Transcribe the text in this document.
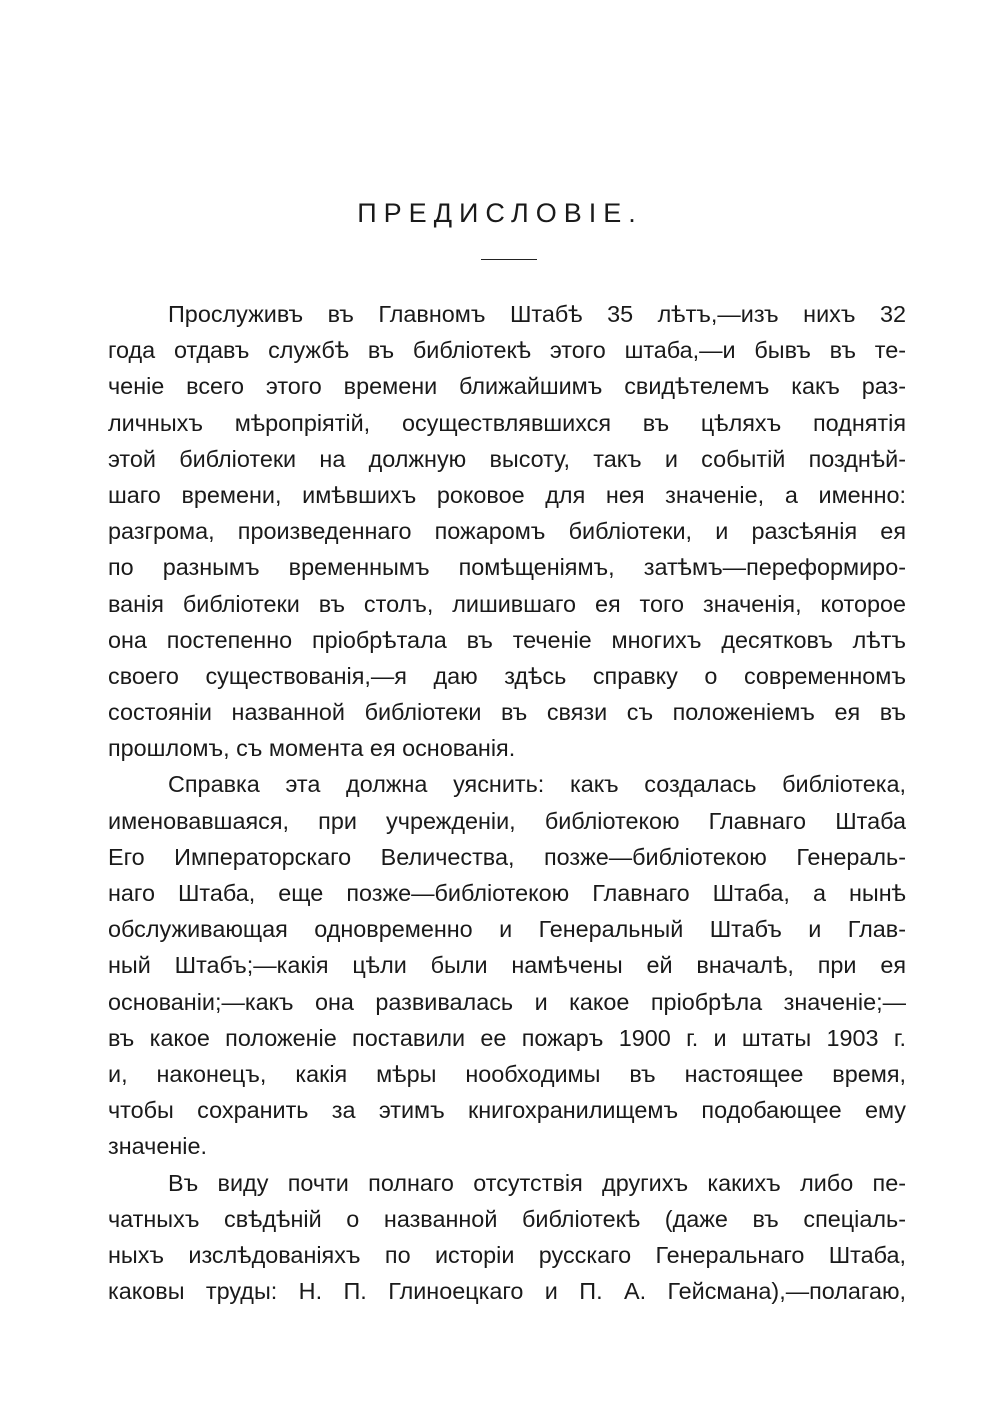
ПРЕДИСЛОВІЕ.
Прослуживъ въ Главномъ Штабѣ 35 лѣтъ,—изъ нихъ 32
года отдавъ службѣ въ библіотекѣ этого штаба,—и бывъ въ те-
ченіе всего этого времени ближайшимъ свидѣтелемъ какъ раз-
личныхъ мѣропріятій, осуществлявшихся въ цѣляхъ поднятія
этой библіотеки на должную высоту, такъ и событій позднѣй-
шаго времени, имѣвшихъ роковое для нея значеніе, а именно:
разгрома, произведеннаго пожаромъ библіотеки, и разсѣянія ея
по разнымъ временнымъ помѣщеніямъ, затѣмъ—переформиро-
ванія библіотеки въ столъ, лишившаго ея того значенія, которое
она постепенно пріобрѣтала въ теченіе многихъ десятковъ лѣтъ
своего существованія,—я даю здѣсь справку о современномъ
состояніи названной библіотеки въ связи съ положеніемъ ея въ
прошломъ, съ момента ея основанія.
Справка эта должна уяснить: какъ создалась библіотека,
именовавшаяся, при учрежденіи, библіотекою Главнаго Штаба
Его Императорскаго Величества, позже—библіотекою Генераль-
наго Штаба, еще позже—библіотекою Главнаго Штаба, а нынѣ
обслуживающая одновременно и Генеральный Штабъ и Глав-
ный Штабъ;—какія цѣли были намѣчены ей вначалѣ, при ея
основаніи;—какъ она развивалась и какое пріобрѣла значеніе;—
въ какое положеніе поставили ее пожаръ 1900 г. и штаты 1903 г.
и, наконецъ, какія мѣры нообходимы въ настоящее время,
чтобы сохранить за этимъ книгохранилищемъ подобающее ему
значеніе.
Въ виду почти полнаго отсутствія другихъ какихъ либо пе-
чатныхъ свѣдѣній о названной библіотекѣ (даже въ спеціаль-
ныхъ изслѣдованіяхъ по исторіи русскаго Генеральнаго Штаба,
каковы труды: Н. П. Глиноецкаго и П. А. Гейсмана),—полагаю,
